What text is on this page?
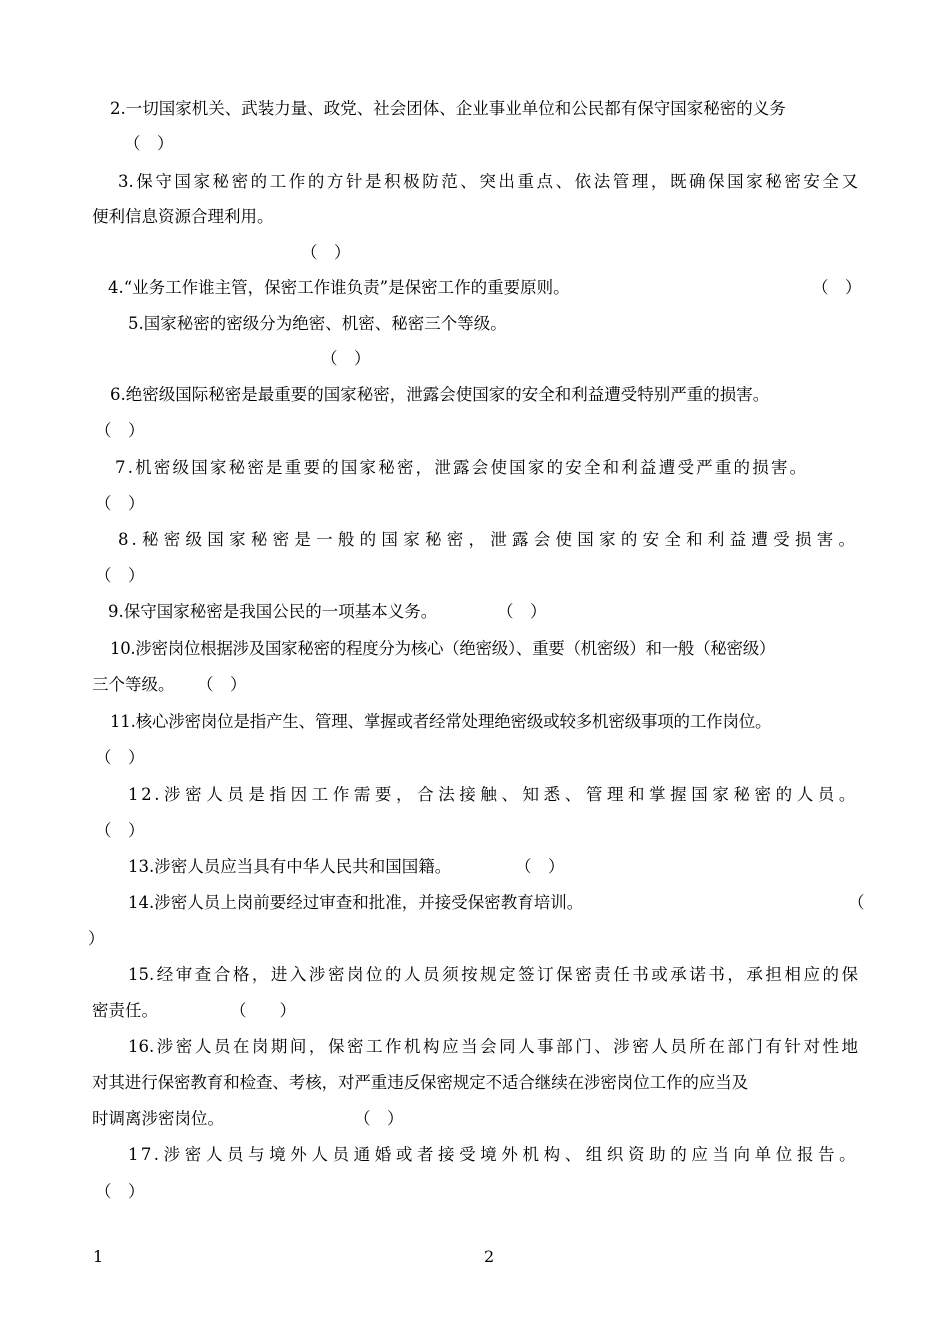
2.一切国家机关、武装力量、政党、社会团体、企业事业单位和公民都有保守国家秘密的义务
（　）
3.保守国家秘密的工作的方针是积极防范、突出重点、依法管理，既确保国家秘密安全又
便利信息资源合理利用。
（　）
4.“业务工作谁主管，保密工作谁负责”是保密工作的重要原则。	（　）
5.国家秘密的密级分为绝密、机密、秘密三个等级。
（　）
6.绝密级国际秘密是最重要的国家秘密，泄露会使国家的安全和利益遭受特别严重的损害。
（　）
7.机密级国家秘密是重要的国家秘密，泄露会使国家的安全和利益遭受严重的损害。
（　）
8.秘密级国家秘密是一般的国家秘密，泄露会使国家的安全和利益遭受损害。
（　）
9.保守国家秘密是我国公民的一项基本义务。	（　）
10.涉密岗位根据涉及国家秘密的程度分为核心（绝密级）、重要（机密级）和一般（秘密级）
三个等级。 （　）
11.核心涉密岗位是指产生、管理、掌握或者经常处理绝密级或较多机密级事项的工作岗位。
（　）
12.涉密人员是指因工作需要，合法接触、知悉、管理和掌握国家秘密的人员。
（　）
13.涉密人员应当具有中华人民共和国国籍。	（　）
14.涉密人员上岗前要经过审查和批准，并接受保密教育培训。	（
）
15.经审查合格，进入涉密岗位的人员须按规定签订保密责任书或承诺书，承担相应的保
密责任。	（　　）
16.涉密人员在岗期间，保密工作机构应当会同人事部门、涉密人员所在部门有针对性地
对其进行保密教育和检查、考核，对严重违反保密规定不适合继续在涉密岗位工作的应当及
时调离涉密岗位。	（　）
17.涉密人员与境外人员通婚或者接受境外机构、组织资助的应当向单位报告。
（　）
1	2
